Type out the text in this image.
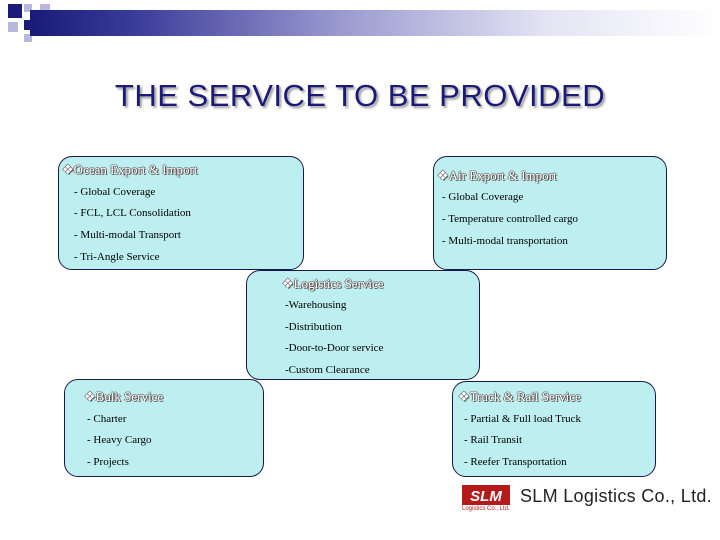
THE SERVICE TO BE PROVIDED
❖Ocean Export & Import
- Global Coverage
- FCL, LCL Consolidation
- Multi-modal Transport
- Tri-Angle Service
❖Air Export & Import
- Global Coverage
- Temperature controlled cargo
- Multi-modal transportation
❖Logistics Service
-Warehousing
-Distribution
-Door-to-Door service
-Custom Clearance
❖Bulk Service
- Charter
- Heavy Cargo
- Projects
❖Truck & Rail Service
- Partial & Full load Truck
- Rail Transit
- Reefer Transportation
SLM
Logistics Co., Ltd.
SLM Logistics Co., Ltd.
